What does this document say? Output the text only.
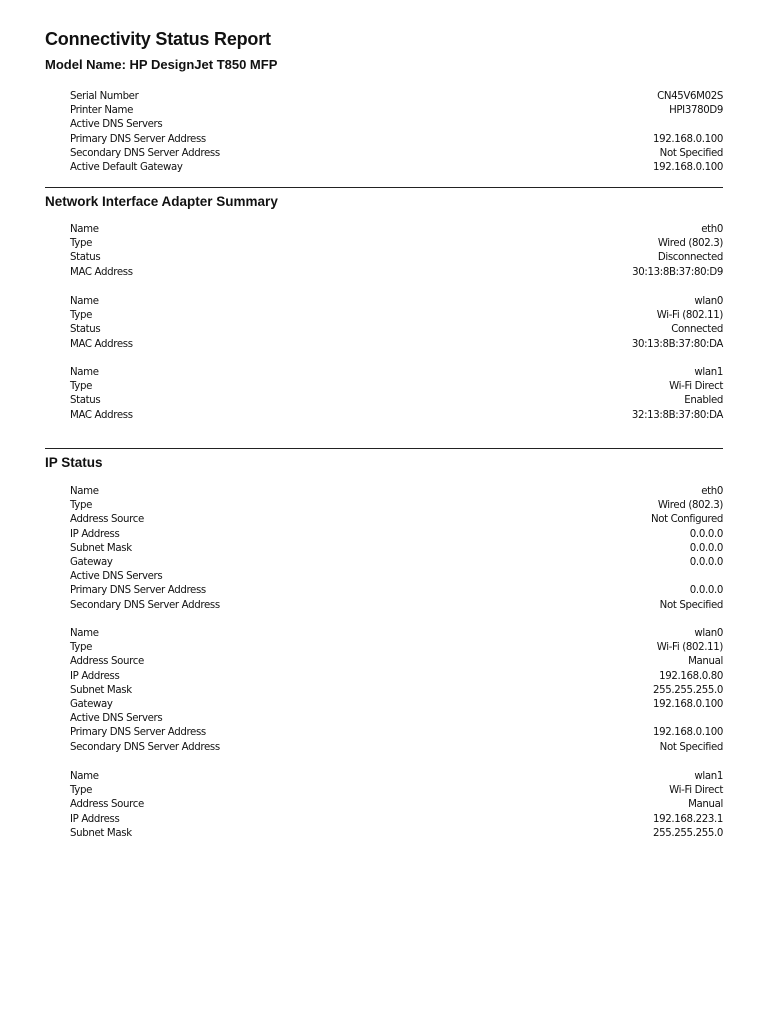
Connectivity Status Report
Model Name: HP DesignJet T850 MFP
Serial Number	CN45V6M02S
Printer Name	HPI3780D9
Active DNS Servers
Primary DNS Server Address	192.168.0.100
Secondary DNS Server Address	Not Specified
Active Default Gateway	192.168.0.100
Network Interface Adapter Summary
Name	eth0
Type	Wired (802.3)
Status	Disconnected
MAC Address	30:13:8B:37:80:D9
Name	wlan0
Type	Wi-Fi (802.11)
Status	Connected
MAC Address	30:13:8B:37:80:DA
Name	wlan1
Type	Wi-Fi Direct
Status	Enabled
MAC Address	32:13:8B:37:80:DA
IP Status
Name	eth0
Type	Wired (802.3)
Address Source	Not Configured
IP Address	0.0.0.0
Subnet Mask	0.0.0.0
Gateway	0.0.0.0
Active DNS Servers
Primary DNS Server Address	0.0.0.0
Secondary DNS Server Address	Not Specified
Name	wlan0
Type	Wi-Fi (802.11)
Address Source	Manual
IP Address	192.168.0.80
Subnet Mask	255.255.255.0
Gateway	192.168.0.100
Active DNS Servers
Primary DNS Server Address	192.168.0.100
Secondary DNS Server Address	Not Specified
Name	wlan1
Type	Wi-Fi Direct
Address Source	Manual
IP Address	192.168.223.1
Subnet Mask	255.255.255.0
